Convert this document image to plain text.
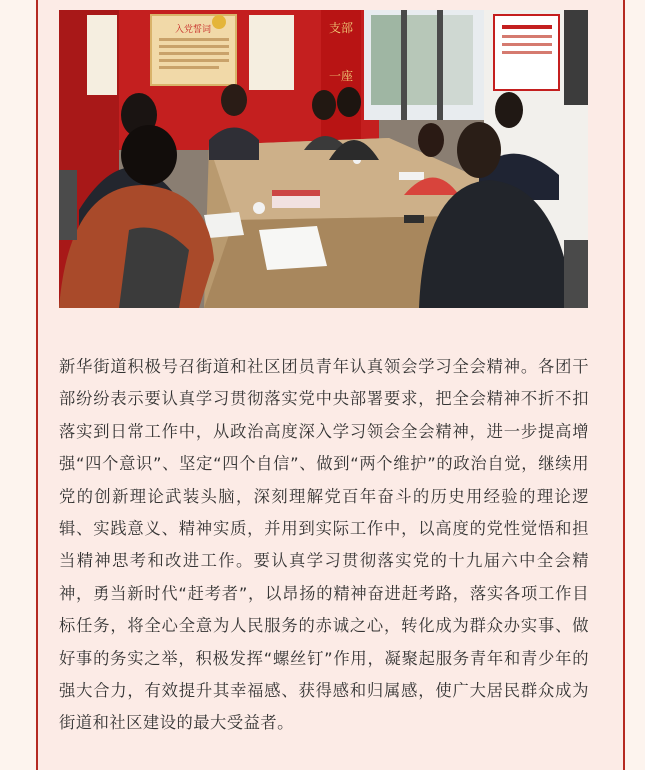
入党誓词	支部
一座

新华街道积极号召街道和社区团员青年认真领会学习全会精神。各团干部纷纷表示要认真学习贯彻落实党中央部署要求，把全会精神不折不扣落实到日常工作中，从政治高度深入学习领会全会精神，进一步提高增强“四个意识”、坚定“四个自信”、做到“两个维护”的政治自觉，继续用党的创新理论武装头脑，深刻理解党百年奋斗的历史用经验的理论逻辑、实践意义、精神实质，并用到实际工作中，以高度的党性觉悟和担当精神思考和改进工作。要认真学习贯彻落实党的十九届六中全会精神，勇当新时代“赶考者”，以昂扬的精神奋进赶考路，落实各项工作目标任务，将全心全意为人民服务的赤诚之心，转化成为群众办实事、做好事的务实之举，积极发挥“螺丝钉”作用，凝聚起服务青年和青少年的强大合力，有效提升其幸福感、获得感和归属感，使广大居民群众成为街道和社区建设的最大受益者。
